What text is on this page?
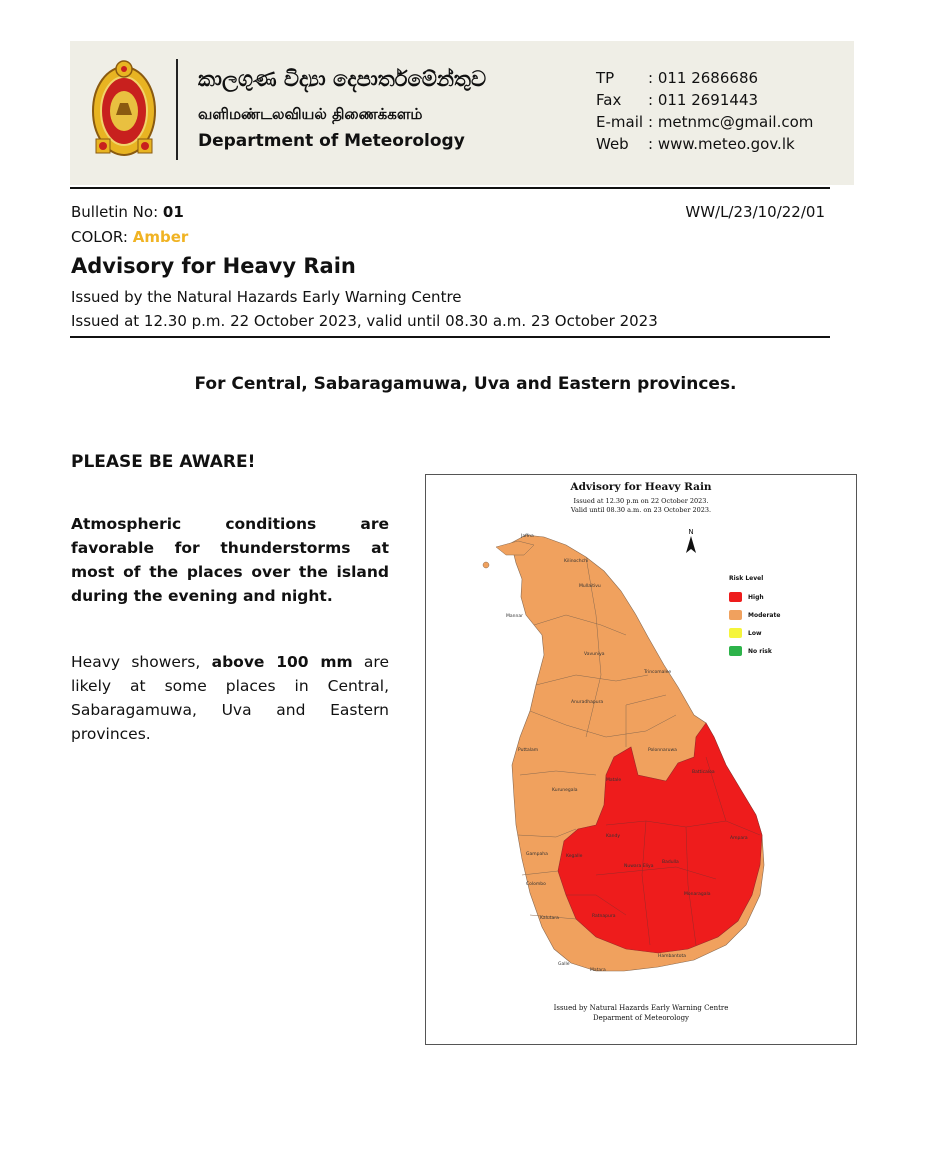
කාලගුණ විද්‍යා දෙපාර්තමේන්තුව
வளிமண்டலவியல் திணைக்களம்
Department of Meteorology
TP	: 011 2686686
Fax	: 011 2691443
E-mail : metnmc@gmail.com
Web	: www.meteo.gov.lk
Bulletin No: 01	WW/L/23/10/22/01
COLOR: Amber
Advisory for Heavy Rain
Issued by the Natural Hazards Early Warning Centre
Issued at 12.30 p.m. 22 October 2023, valid until 08.30 a.m. 23 October 2023
For Central, Sabaragamuwa, Uva and Eastern provinces.
PLEASE BE AWARE!
Atmospheric conditions are favorable for thunderstorms at most of the places over the island during the evening and night.
Heavy showers, above 100 mm are likely at some places in Central, Sabaragamuwa, Uva and Eastern provinces.
Jaffna
Kilinochchi
Mullaitivu
Mannar
Vavuniya
Trincomalee
Anuradhapura
Puttalam	Polonnaruwa
Batticaloa
Kurunegala
Matale
Kandy	Ampara
Gampaha	Kegalle
Nuwara Eliya
Badulla
Colombo
Monaragala
Kalutara	Ratnapura
Galle
Matara
Hambantota
Advisory for Heavy Rain
Issued at 12.30 p.m on 22 October 2023.
Valid until 08.30 a.m. on 23 October 2023.
N
Risk Level
High
Moderate
Low
No risk
Issued by Natural Hazards Early Warning Centre
Deparment of Meteorology
